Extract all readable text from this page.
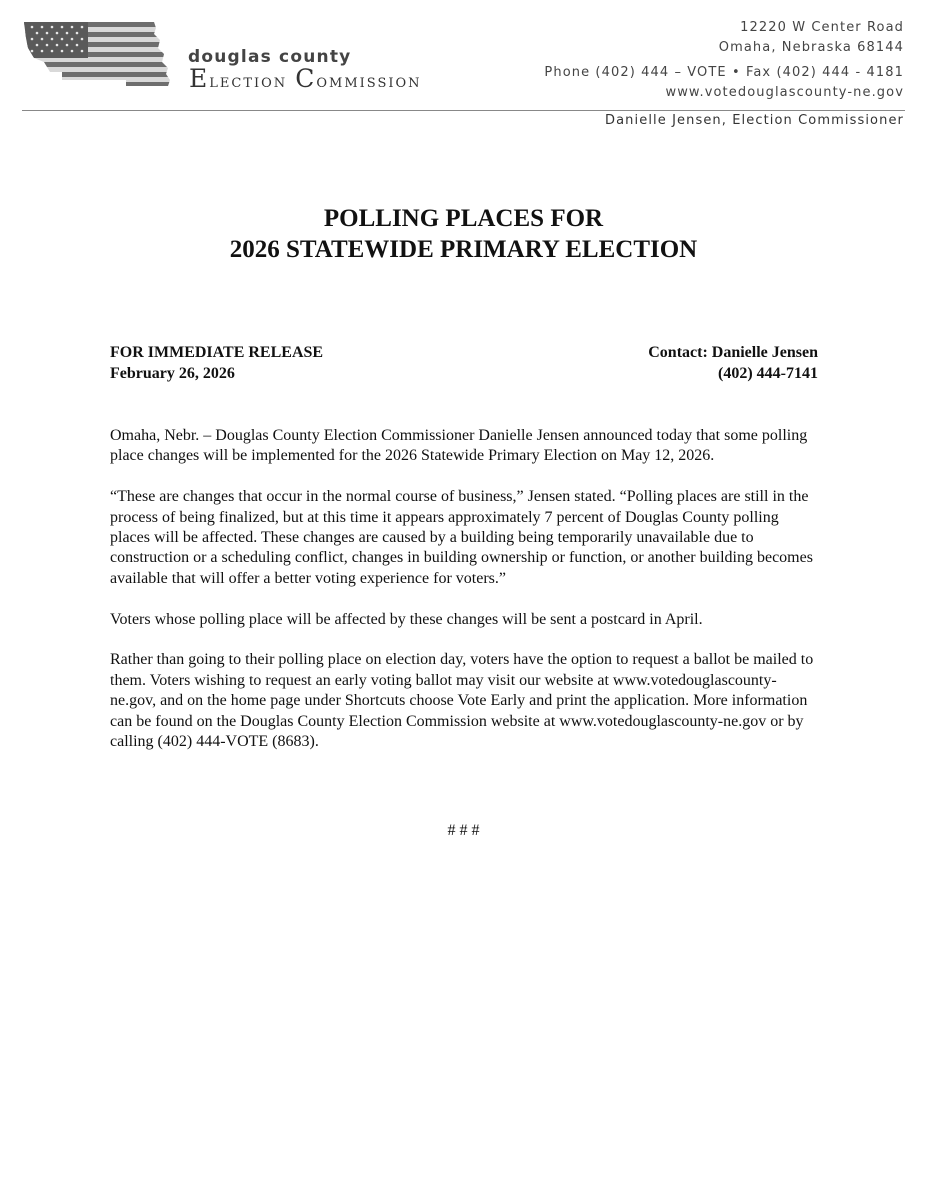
douglas county
Election Commission
12220 W Center Road
Omaha, Nebraska 68144
Phone (402) 444 – VOTE • Fax (402) 444 - 4181
www.votedouglascounty-ne.gov
Danielle Jensen, Election Commissioner
POLLING PLACES FOR
2026 STATEWIDE PRIMARY ELECTION
FOR IMMEDIATE RELEASE
February 26, 2026
Contact: Danielle Jensen
(402) 444-7141

Omaha, Nebr. – Douglas County Election Commissioner Danielle Jensen announced today that some polling place changes will be implemented for the 2026 Statewide Primary Election on May 12, 2026.

“These are changes that occur in the normal course of business,” Jensen stated. “Polling places are still in the process of being finalized, but at this time it appears approximately 7 percent of Douglas County polling places will be affected. These changes are caused by a building being temporarily unavailable due to construction or a scheduling conflict, changes in building ownership or function, or another building becomes available that will offer a better voting experience for voters.”

Voters whose polling place will be affected by these changes will be sent a postcard in April.

Rather than going to their polling place on election day, voters have the option to request a ballot be mailed to them. Voters wishing to request an early voting ballot may visit our website at www.votedouglascounty-ne.gov, and on the home page under Shortcuts choose Vote Early and print the application. More information can be found on the Douglas County Election Commission website at www.votedouglascounty-ne.gov or by calling (402) 444-VOTE (8683).

# # #
